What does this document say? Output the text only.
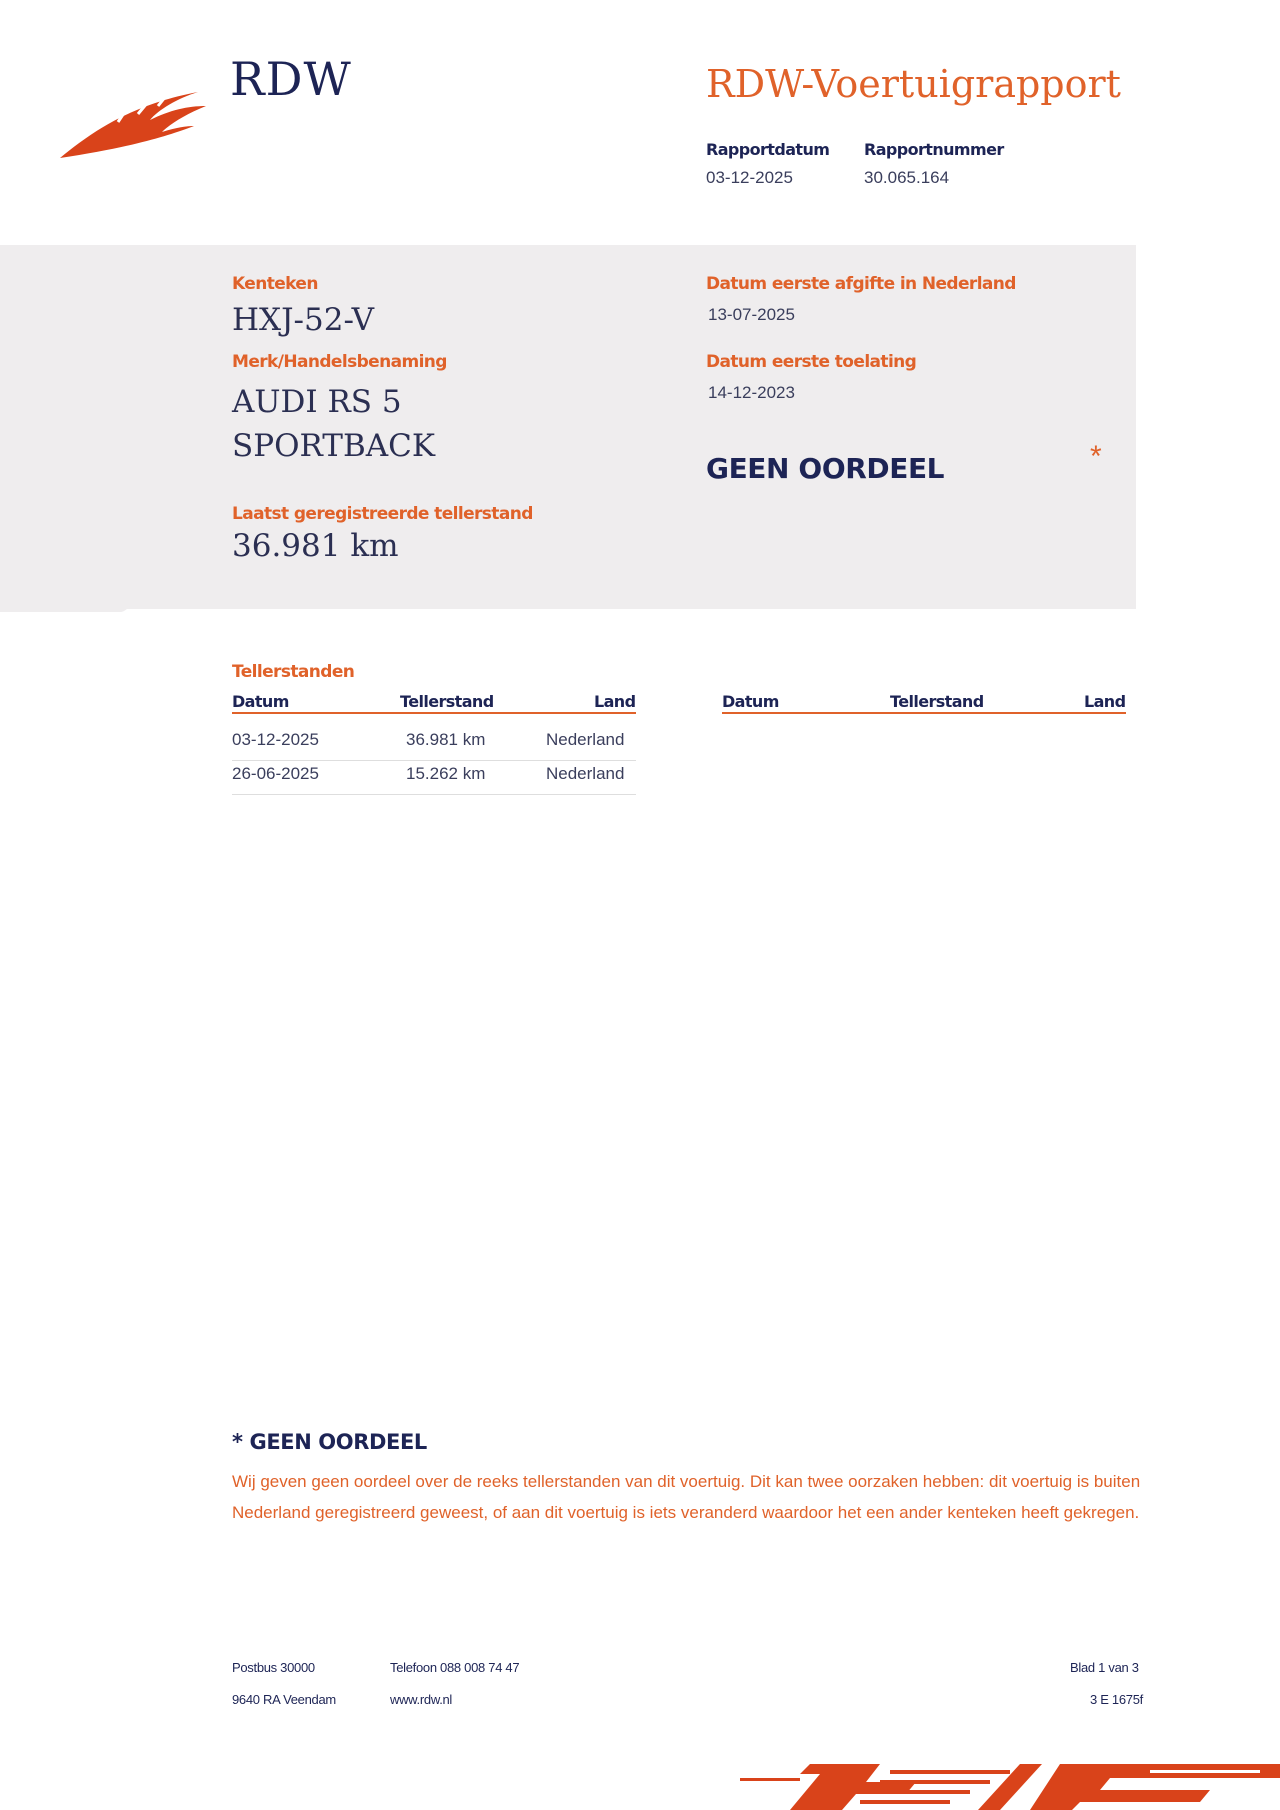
RDW	RDW-Voertuigrapport
Rapportdatum
03-12-2025
Rapportnummer
30.065.164
Kenteken
HXJ-52-V
Merk/Handelsbenaming
AUDI RS 5
SPORTBACK
Laatst geregistreerde tellerstand
36.981 km
Datum eerste afgifte in Nederland
13-07-2025
Datum eerste toelating
14-12-2023
GEEN OORDEEL	*
Tellerstanden
Datum	Tellerstand	Land	Datum	Tellerstand	Land
03-12-2025	36.981 km	Nederland
26-06-2025	15.262 km	Nederland
* GEEN OORDEEL
Wij geven geen oordeel over de reeks tellerstanden van dit voertuig. Dit kan twee oorzaken hebben: dit voertuig is buiten Nederland geregistreerd geweest, of aan dit voertuig is iets veranderd waardoor het een ander kenteken heeft gekregen.
Postbus 30000
9640 RA Veendam
Telefoon 088 008 74 47
www.rdw.nl
Blad 1 van 3
3 E 1675f
